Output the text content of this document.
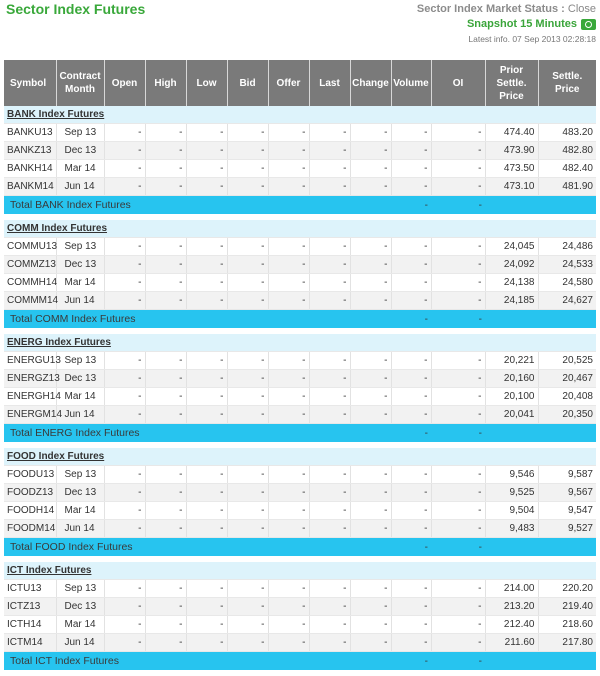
Sector Index Futures	Sector Index Market Status : Close
Snapshot 15 Minutes
Latest info. 07 Sep 2013 02:28:18
Symbol	Contract Month	Open	High	Low	Bid	Offer	Last	Change	Volume	OI	Prior Settle. Price	Settle. Price
BANK Index Futures												
BANKU13	Sep 13	-	-	-	-	-	-	-	-	-	474.40	483.20
BANKZ13	Dec 13	-	-	-	-	-	-	-	-	-	473.90	482.80
BANKH14	Mar 14	-	-	-	-	-	-	-	-	-	473.50	482.40
BANKM14	Jun 14	-	-	-	-	-	-	-	-	-	473.10	481.90
Total BANK Index Futures									-	-		

COMM Index Futures												
COMMU13	Sep 13	-	-	-	-	-	-	-	-	-	24,045	24,486
COMMZ13	Dec 13	-	-	-	-	-	-	-	-	-	24,092	24,533
COMMH14	Mar 14	-	-	-	-	-	-	-	-	-	24,138	24,580
COMMM14	Jun 14	-	-	-	-	-	-	-	-	-	24,185	24,627
Total COMM Index Futures									-	-		

ENERG Index Futures												
ENERGU13	Sep 13	-	-	-	-	-	-	-	-	-	20,221	20,525
ENERGZ13	Dec 13	-	-	-	-	-	-	-	-	-	20,160	20,467
ENERGH14	Mar 14	-	-	-	-	-	-	-	-	-	20,100	20,408
ENERGM14	Jun 14	-	-	-	-	-	-	-	-	-	20,041	20,350
Total ENERG Index Futures									-	-		

FOOD Index Futures												
FOODU13	Sep 13	-	-	-	-	-	-	-	-	-	9,546	9,587
FOODZ13	Dec 13	-	-	-	-	-	-	-	-	-	9,525	9,567
FOODH14	Mar 14	-	-	-	-	-	-	-	-	-	9,504	9,547
FOODM14	Jun 14	-	-	-	-	-	-	-	-	-	9,483	9,527
Total FOOD Index Futures									-	-		

ICT Index Futures												
ICTU13	Sep 13	-	-	-	-	-	-	-	-	-	214.00	220.20
ICTZ13	Dec 13	-	-	-	-	-	-	-	-	-	213.20	219.40
ICTH14	Mar 14	-	-	-	-	-	-	-	-	-	212.40	218.60
ICTM14	Jun 14	-	-	-	-	-	-	-	-	-	211.60	217.80
Total ICT Index Futures									-	-		
